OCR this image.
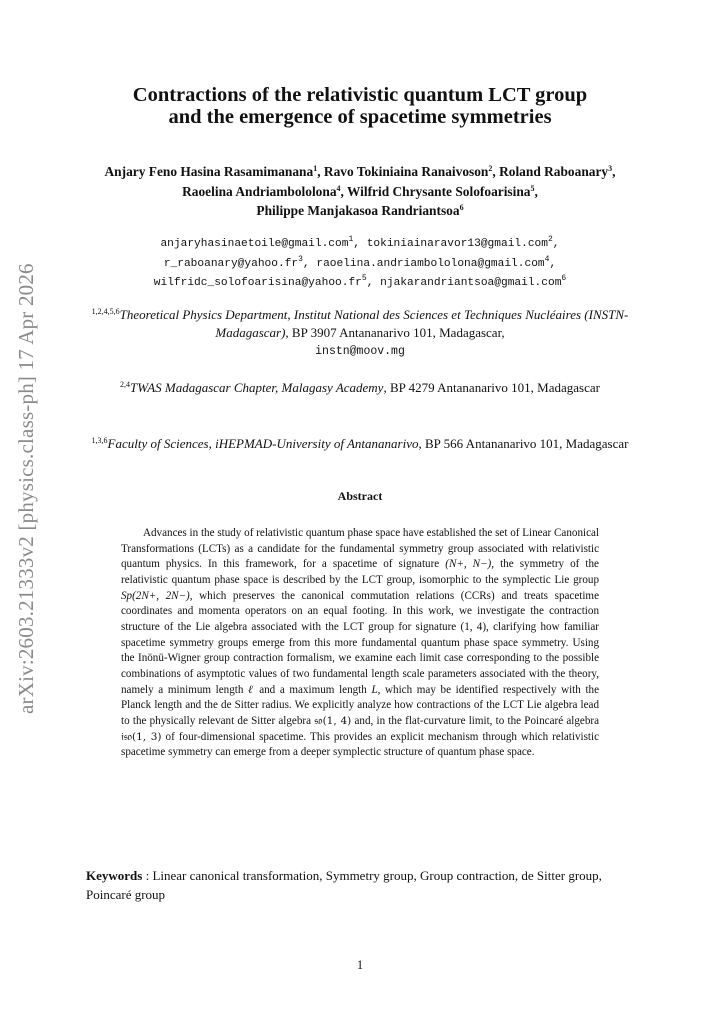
arXiv:2603.21333v2 [physics.class-ph] 17 Apr 2026
Contractions of the relativistic quantum LCT group
and the emergence of spacetime symmetries
Anjary Feno Hasina Rasamimanana$^1$, Ravo Tokiniaina Ranaivoson$^2$, Roland Raboanary$^3$, Raoelina Andriambololona$^4$, Wilfrid Chrysante Solofoarisina$^5$,
Philippe Manjakasoa Randriantsoa$^6$
anjaryhasinaetoile@gmail.com$^1$, tokiniainaravor13@gmail.com$^2$,
$r\_raboanary@yahoo.fr^3$, raoelina.andriambololona@gmail.com$^4$,
$wilfridc\_solofoarisina@yahoo.fr^5$, njakarandriantsoa@gmail.com$^6$
$^{1,2,4,5,6}$Theoretical Physics Department, Institut National des Sciences et Techniques Nucléaires (INSTN-Madagascar), BP 3907 Antananarivo 101, Madagascar,
instn@moov.mg
$^{2,4}$TWAS Madagascar Chapter, Malagasy Academy, BP 4279 Antananarivo 101, Madagascar
$^{1,3,6}$Faculty of Sciences, iHEPMAD-University of Antananarivo, BP 566 Antananarivo 101, Madagascar
Abstract
Advances in the study of relativistic quantum phase space have established the set of Linear Canonical Transformations (LCTs) as a candidate for the fundamental symmetry group associated with relativistic quantum physics. In this framework, for a spacetime of signature (N+, N−), the symmetry of the relativistic quantum phase space is described by the LCT group, isomorphic to the symplectic Lie group Sp(2N+, 2N−), which preserves the canonical commutation relations (CCRs) and treats spacetime coordinates and momenta operators on an equal footing. In this work, we investigate the contraction structure of the Lie algebra associated with the LCT group for signature (1, 4), clarifying how familiar spacetime symmetry groups emerge from this more fundamental quantum phase space symmetry. Using the Inönü-Wigner group contraction formalism, we examine each limit case corresponding to the possible combinations of asymptotic values of two fundamental length scale parameters associated with the theory, namely a minimum length ℓ and a maximum length L, which may be identified respectively with the Planck length and the de Sitter radius. We explicitly analyze how contractions of the LCT Lie algebra lead to the physically relevant de Sitter algebra 𝔰𝔬(1, 4) and, in the flat-curvature limit, to the Poincaré algebra 𝔦𝔰𝔬(1, 3) of four-dimensional spacetime. This provides an explicit mechanism through which relativistic spacetime symmetry can emerge from a deeper symplectic structure of quantum phase space.
Keywords : Linear canonical transformation, Symmetry group, Group contraction, de Sitter group, Poincaré group
1
